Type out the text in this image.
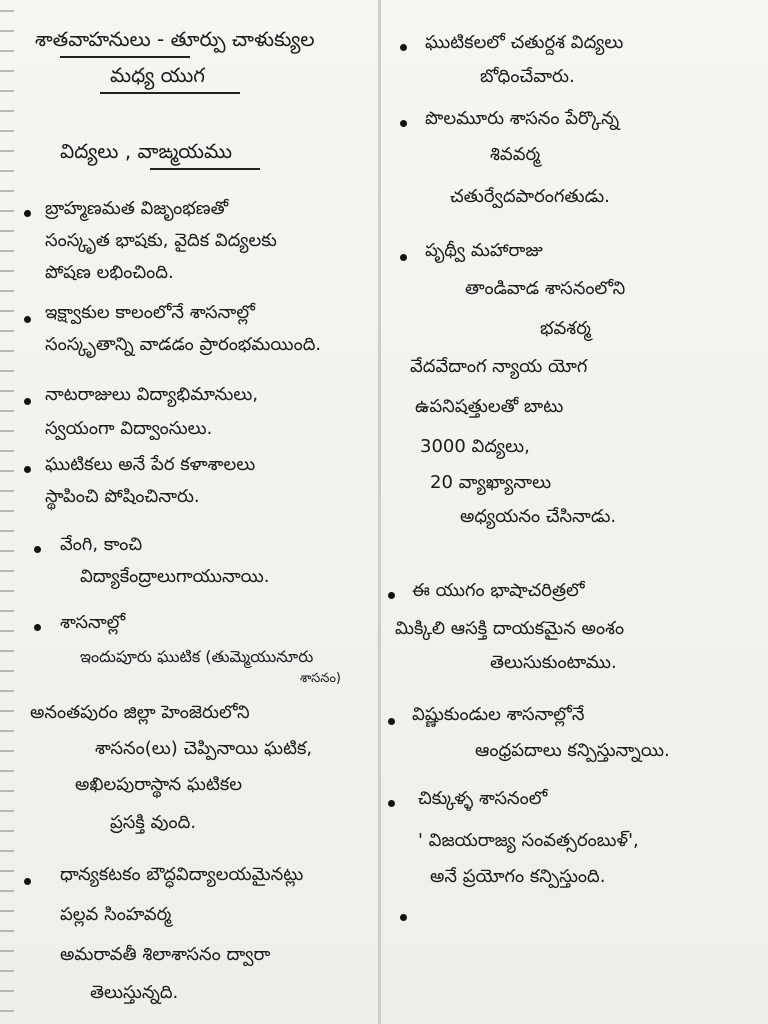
శాతవాహనులు - తూర్పు చాళుక్యుల
మధ్య యుగ
విద్యలు , వాఙ్మయము
బ్రాహ్మణమత విజృంభణతో
సంస్కృత భాషకు, వైదిక విద్యలకు
పోషణ లభించింది.
ఇక్ష్వాకుల కాలంలోనే శాసనాల్లో
సంస్కృతాన్ని వాడడం ప్రారంభమయింది.
నాటరాజులు విద్యాభిమానులు,
స్వయంగా విద్వాంసులు.
ఘుటికలు అనే పేర కళాశాలలు
స్థాపించి పోషించినారు.
వేంగి, కాంచి
విద్యాకేంద్రాలుగాయునాయి.
శాసనాల్లో
ఇందుపూరు ఘుటిక (తుమ్మెయునూరు
శాసనం)
అనంతపురం జిల్లా హెంజెరులోని
శాసనం(లు) చెప్పినాయి ఘటిక,
అఖిలపురాస్థాన ఘటికల
ప్రసక్తి వుంది.
ధాన్యకటకం బౌద్ధవిద్యాలయమైనట్లు
పల్లవ సింహవర్మ
అమరావతీ శిలాశాసనం ద్వారా
తెలుస్తున్నది.
ఘుటికలలో చతుర్దశ విద్యలు
బోధించేవారు.
పొలమూరు శాసనం పేర్కొన్న
శివవర్మ
చతుర్వేదపారంగతుడు.
పృథ్వీ మహారాజు
తాండివాడ శాసనంలోని
భవశర్మ
వేదవేదాంగ న్యాయ యోగ
ఉపనిషత్తులతో బాటు
3000 విద్యలు,
20 వ్యాఖ్యానాలు
అధ్యయనం చేసినాడు.
ఈ యుగం భాషాచరిత్రలో
మిక్కిలి ఆసక్తి దాయకమైన అంశం
తెలుసుకుంటాము.
విష్ణుకుండుల శాసనాల్లోనే
ఆంధ్రపదాలు కన్పిస్తున్నాయి.
చిక్కుళ్ళ శాసనంలో
' విజయరాజ్య సంవత్సరంబుళ్',
అనే ప్రయోగం కన్పిస్తుంది.
